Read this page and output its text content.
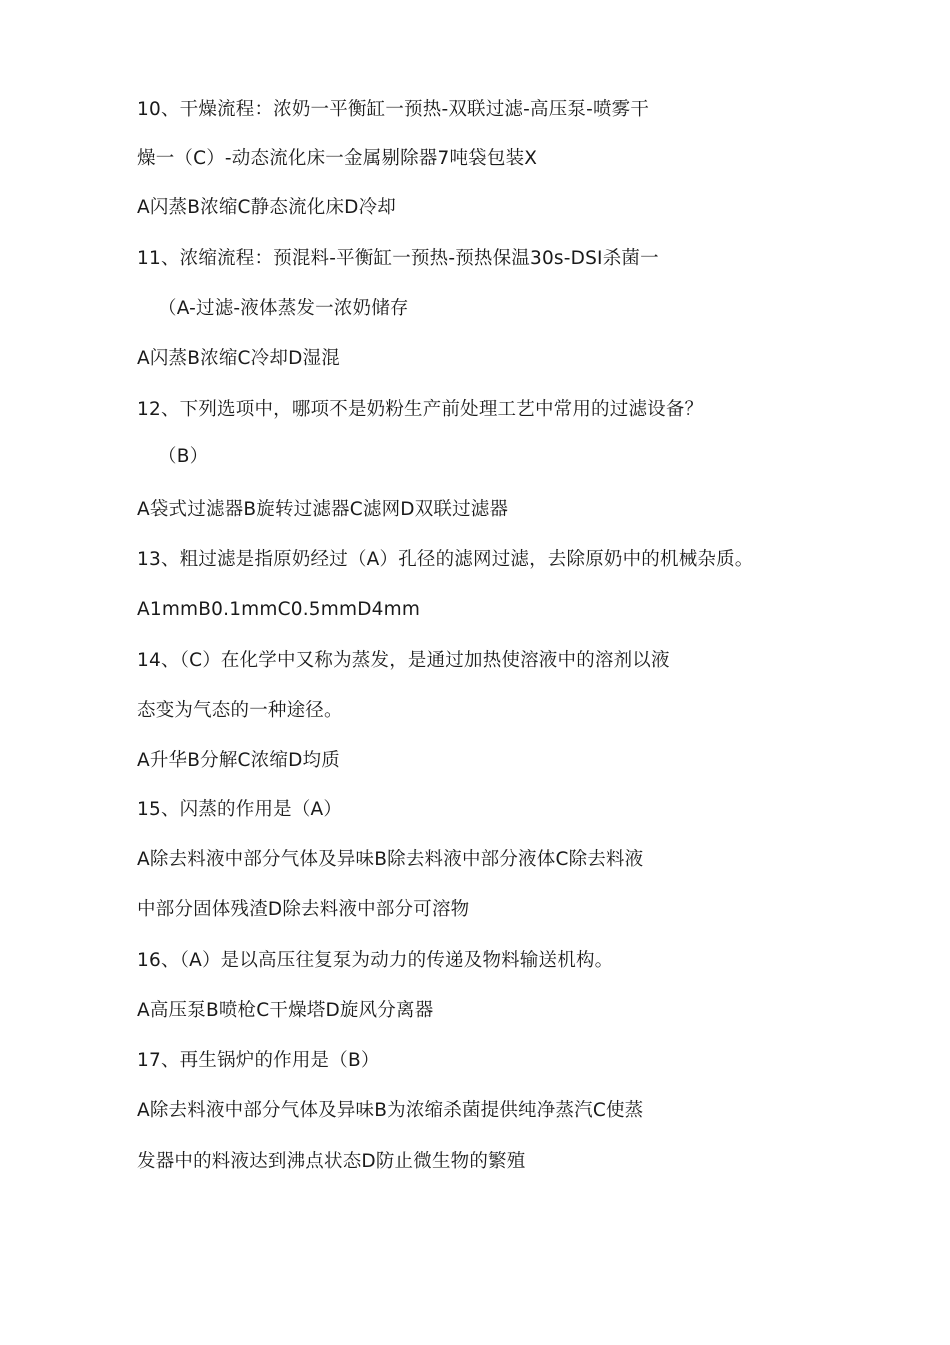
10、干燥流程：浓奶一平衡缸一预热-双联过滤-高压泵-喷雾干
燥一（C）-动态流化床一金属剔除器7吨袋包装X
A闪蒸B浓缩C静态流化床D冷却
11、浓缩流程：预混料-平衡缸一预热-预热保温30s-DSI杀菌一
（A-过滤-液体蒸发一浓奶储存
A闪蒸B浓缩C冷却D湿混
12、下列选项中，哪项不是奶粉生产前处理工艺中常用的过滤设备？
（B）
A袋式过滤器B旋转过滤器C滤网D双联过滤器
13、粗过滤是指原奶经过（A）孔径的滤网过滤，去除原奶中的机械杂质。
A1mmB0.1mmC0.5mmD4mm
14、（C）在化学中又称为蒸发，是通过加热使溶液中的溶剂以液
态变为气态的一种途径。
A升华B分解C浓缩D均质
15、闪蒸的作用是（A）
A除去料液中部分气体及异味B除去料液中部分液体C除去料液
中部分固体残渣D除去料液中部分可溶物
16、（A）是以高压往复泵为动力的传递及物料输送机构。
A高压泵B喷枪C干燥塔D旋风分离器
17、再生锅炉的作用是（B）
A除去料液中部分气体及异味B为浓缩杀菌提供纯净蒸汽C使蒸
发器中的料液达到沸点状态D防止微生物的繁殖
